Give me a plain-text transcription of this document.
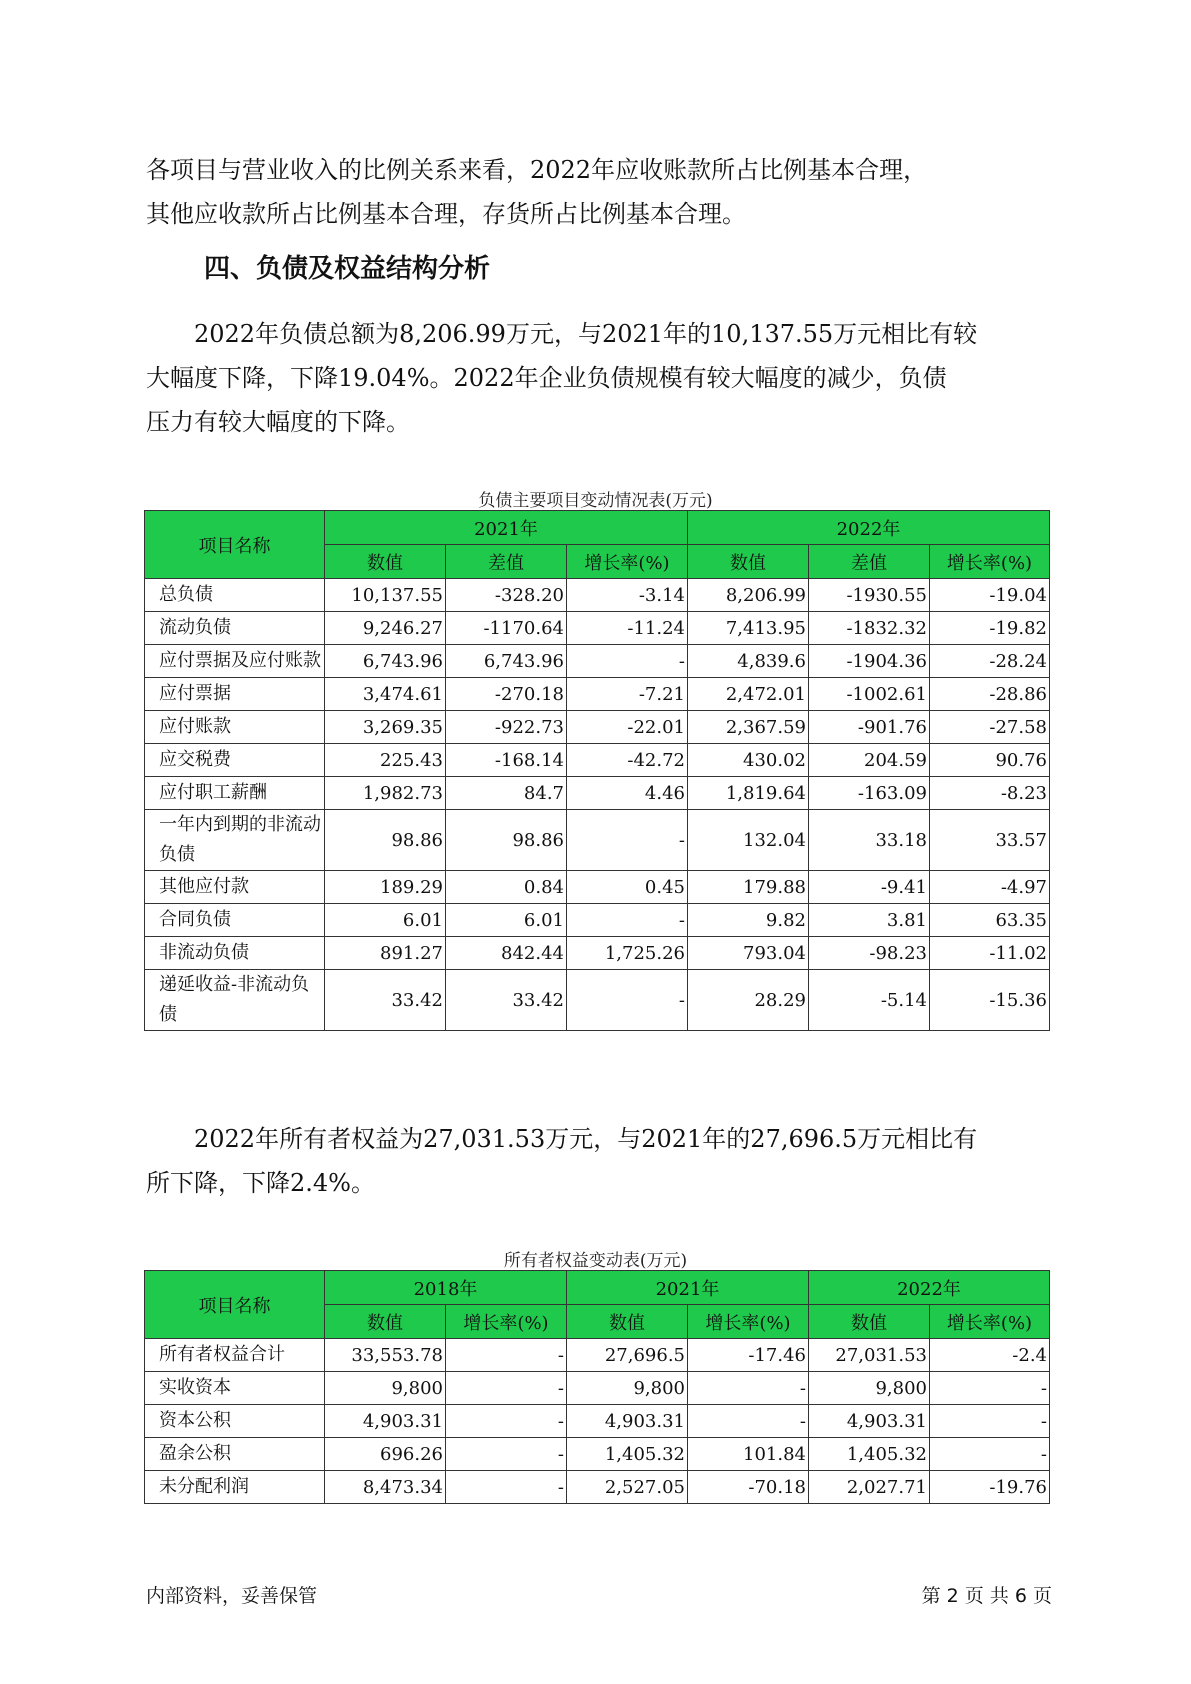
各项目与营业收入的比例关系来看，2022年应收账款所占比例基本合理，
其他应收款所占比例基本合理，存货所占比例基本合理。

四、负债及权益结构分析

2022年负债总额为8,206.99万元，与2021年的10,137.55万元相比有较
大幅度下降，下降19.04%。2022年企业负债规模有较大幅度的减少，负债
压力有较大幅度的下降。

负债主要项目变动情况表(万元)
项目名称	2021年			2022年		
	数值	差值	增长率(%)	数值	差值	增长率(%)
总负债	10,137.55	-328.20	-3.14	8,206.99	-1930.55	-19.04
流动负债	9,246.27	-1170.64	-11.24	7,413.95	-1832.32	-19.82
应付票据及应付账款	6,743.96	6,743.96	-	4,839.6	-1904.36	-28.24
应付票据	3,474.61	-270.18	-7.21	2,472.01	-1002.61	-28.86
应付账款	3,269.35	-922.73	-22.01	2,367.59	-901.76	-27.58
应交税费	225.43	-168.14	-42.72	430.02	204.59	90.76
应付职工薪酬	1,982.73	84.7	4.46	1,819.64	-163.09	-8.23
一年内到期的非流动负债	98.86	98.86	-	132.04	33.18	33.57
其他应付款	189.29	0.84	0.45	179.88	-9.41	-4.97
合同负债	6.01	6.01	-	9.82	3.81	63.35
非流动负债	891.27	842.44	1,725.26	793.04	-98.23	-11.02
递延收益-非流动负债	33.42	33.42	-	28.29	-5.14	-15.36

2022年所有者权益为27,031.53万元，与2021年的27,696.5万元相比有
所下降，下降2.4%。

所有者权益变动表(万元)
项目名称	2018年		2021年		2022年	
	数值	增长率(%)	数值	增长率(%)	数值	增长率(%)
所有者权益合计	33,553.78	-	27,696.5	-17.46	27,031.53	-2.4
实收资本	9,800	-	9,800	-	9,800	-
资本公积	4,903.31	-	4,903.31	-	4,903.31	-
盈余公积	696.26	-	1,405.32	101.84	1,405.32	-
未分配利润	8,473.34	-	2,527.05	-70.18	2,027.71	-19.76
内部资料，妥善保管	第 2 页 共 6 页
